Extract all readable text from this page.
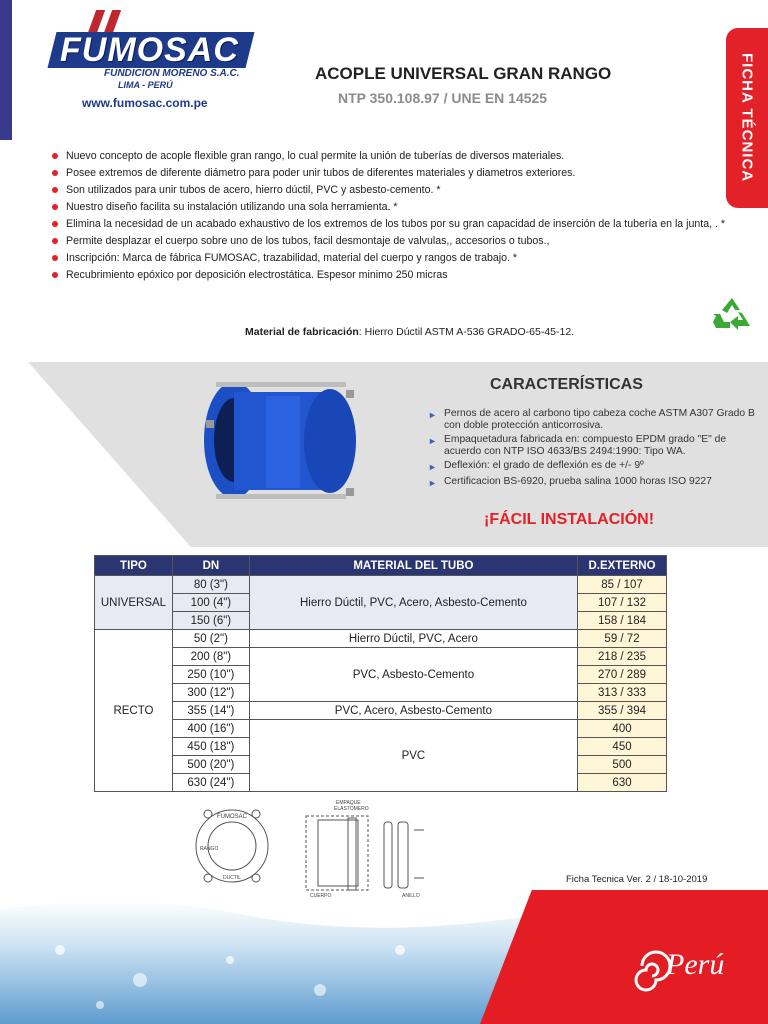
FUMOSAC
FUNDICION MORENO S.A.C.
LIMA - PERÚ
www.fumosac.com.pe
ACOPLE UNIVERSAL GRAN RANGO
NTP 350.108.97 / UNE EN 14525	FICHA TÉCNICA
Nuevo concepto de acople flexible gran rango, lo cual permite la unión de tuberías de diversos materiales.
Posee extremos de diferente diámetro para poder unir tubos de diferentes materiales y diametros exteriores.
Son utilizados para unir tubos de acero, hierro dúctil, PVC y asbesto-cemento. *
Nuestro diseño facilita su instalación utilizando una sola herramienta. *
Elimina la necesidad de un acabado exhaustivo de los extremos de los tubos por su gran capacidad de inserción de la tubería en la junta, . *
Permite desplazar el cuerpo sobre uno de los tubos, facil desmontaje de valvulas,, accesorios o tubos.,
Inscripción: Marca de fábrica FUMOSAC, trazabilidad, material del cuerpo y rangos de trabajo. *
Recubrimiento epóxico por deposición electrostática. Espesor minimo 250 micras
Material de fabricación: Hierro Dúctil ASTM A-536 GRADO-65-45-12.
CARACTERÍSTICAS
► Pernos de acero al carbono tipo cabeza coche ASTM A307 Grado B con doble protección anticorrosiva.
► Empaquetadura fabricada en: compuesto EPDM grado "E" de acuerdo con NTP ISO 4633/BS 2494:1990: Tipo WA.
► Deflexión: el grado de deflexión es de +/- 9º
► Certificacion BS-6920, prueba salina 1000 horas ISO 9227
¡FÁCIL INSTALACIÓN!
TIPO	DN	MATERIAL DEL TUBO	D.EXTERNO
UNIVERSAL	80 (3")	Hierro Dúctil, PVC, Acero, Asbesto-Cemento	85 / 107
	100 (4")		107 / 132
	150 (6")		158 / 184
RECTO	50 (2")	Hierro Dúctil, PVC, Acero	59 / 72
	200 (8")	PVC, Asbesto-Cemento	218 / 235
	250 (10")		270 / 289
	300 (12")		313 / 333
	355 (14")	PVC, Acero, Asbesto-Cemento	355 / 394
	400 (16")	PVC	400
	450 (18")		450
	500 (20")		500
	630 (24")		630
FUMOSAC
RANGO
DUCTIL
EMPAQUE
ELASTOMERO
CUERPO	ANILLO
Ficha Tecnica Ver. 2 / 18-10-2019
Perú
